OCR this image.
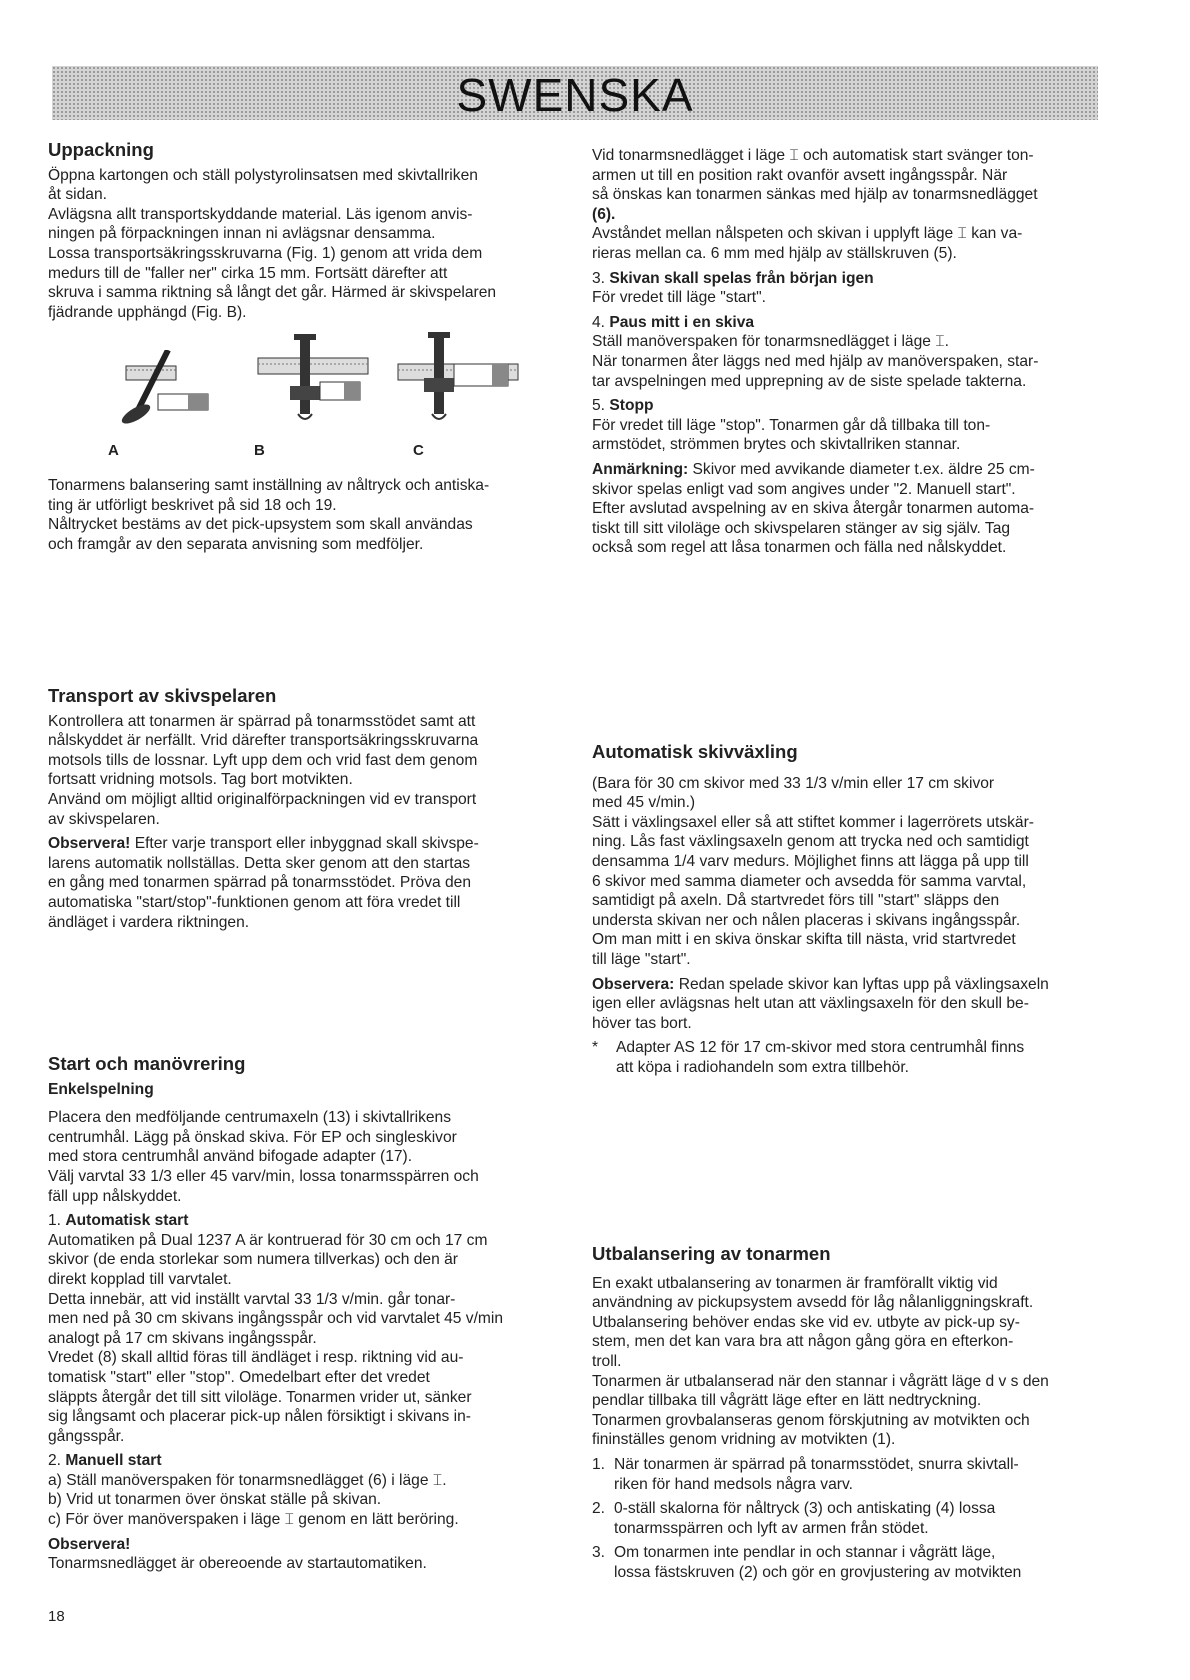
SWENSKA
Uppackning

Öppna kartongen och ställ polystyrolinsatsen med skivtallriken

åt sidan.

Avlägsna allt transportskyddande material. Läs igenom anvis-

ningen på förpackningen innan ni avlägsnar densamma.

Lossa transportsäkringsskruvarna (Fig. 1) genom att vrida dem

medurs till de "faller ner" cirka 15 mm. Fortsätt därefter att

skruva i samma riktning så långt det går. Härmed är skivspelaren

fjädrande upphängd (Fig. B).

A	B	C

Tonarmens balansering samt inställning av nåltryck och antiska-

ting är utförligt beskrivet på sid 18 och 19.

Nåltrycket bestäms av det pick-upsystem som skall användas

och framgår av den separata anvisning som medföljer.

Vid tonarmsnedlägget i läge ⌶ och automatisk start svänger ton-

armen ut till en position rakt ovanför avsett ingångsspår. När

så önskas kan tonarmen sänkas med hjälp av tonarmsnedlägget

(6).

Avståndet mellan nålspeten och skivan i upplyft läge ⌶ kan va-

rieras mellan ca. 6 mm med hjälp av ställskruven (5).

3. Skivan skall spelas från början igen

För vredet till läge "start".

4. Paus mitt i en skiva

Ställ manöverspaken för tonarmsnedlägget i läge ⌶.

När tonarmen åter läggs ned med hjälp av manöverspaken, star-

tar avspelningen med upprepning av de siste spelade takterna.

5. Stopp

För vredet till läge "stop". Tonarmen går då tillbaka till ton-

armstödet, strömmen brytes och skivtallriken stannar.

Anmärkning: Skivor med avvikande diameter t.ex. äldre 25 cm-

skivor spelas enligt vad som angives under "2. Manuell start".

Efter avslutad avspelning av en skiva återgår tonarmen automa-

tiskt till sitt viloläge och skivspelaren stänger av sig själv. Tag

också som regel att låsa tonarmen och fälla ned nålskyddet.

Transport av skivspelaren

Kontrollera att tonarmen är spärrad på tonarmsstödet samt att

nålskyddet är nerfällt. Vrid därefter transportsäkringsskruvarna

motsols tills de lossnar. Lyft upp dem och vrid fast dem genom

fortsatt vridning motsols. Tag bort motvikten.

Använd om möjligt alltid originalförpackningen vid ev transport

av skivspelaren.

Observera! Efter varje transport eller inbyggnad skall skivspe-

larens automatik nollställas. Detta sker genom att den startas

en gång med tonarmen spärrad på tonarmsstödet. Pröva den

automatiska "start/stop"-funktionen genom att föra vredet till

ändläget i vardera riktningen.

Start och manövrering
Enkelspelning

Placera den medföljande centrumaxeln (13) i skivtallrikens

centrumhål. Lägg på önskad skiva. För EP och singleskivor

med stora centrumhål använd bifogade adapter (17).

Välj varvtal 33 1/3 eller 45 varv/min, lossa tonarmsspärren och

fäll upp nålskyddet.

1. Automatisk start

Automatiken på Dual 1237 A är kontruerad för 30 cm och 17 cm

skivor (de enda storlekar som numera tillverkas) och den är

direkt kopplad till varvtalet.

Detta innebär, att vid inställt varvtal 33 1/3 v/min. går tonar-

men ned på 30 cm skivans ingångsspår och vid varvtalet 45 v/min

analogt på 17 cm skivans ingångsspår.

Vredet (8) skall alltid föras till ändläget i resp. riktning vid au-

tomatisk "start" eller "stop". Omedelbart efter det vredet

släppts återgår det till sitt viloläge. Tonarmen vrider ut, sänker

sig långsamt och placerar pick-up nålen försiktigt i skivans in-

gångsspår.

2. Manuell start

a) Ställ manöverspaken för tonarmsnedlägget (6) i läge ⌶.

b) Vrid ut tonarmen över önskat ställe på skivan.

c) För över manöverspaken i läge ⌶ genom en lätt beröring.

Observera!

Tonarmsnedlägget är obereoende av startautomatiken.

Automatisk skivväxling

(Bara för 30 cm skivor med 33 1/3 v/min eller 17 cm skivor

med 45 v/min.)

Sätt i växlingsaxel eller så att stiftet kommer i lagerrörets utskär-

ning. Lås fast växlingsaxeln genom att trycka ned och samtidigt

densamma 1/4 varv medurs. Möjlighet finns att lägga på upp till

6 skivor med samma diameter och avsedda för samma varvtal,

samtidigt på axeln. Då startvredet förs till "start" släpps den

understa skivan ner och nålen placeras i skivans ingångsspår.

Om man mitt i en skiva önskar skifta till nästa, vrid startvredet

till läge "start".

Observera: Redan spelade skivor kan lyftas upp på växlingsaxeln

igen eller avlägsnas helt utan att växlingsaxeln för den skull be-

höver tas bort.

* Adapter AS 12 för 17 cm-skivor med stora centrumhål finns

att köpa i radiohandeln som extra tillbehör.

Utbalansering av tonarmen

En exakt utbalansering av tonarmen är framförallt viktig vid

användning av pickupsystem avsedd för låg nålanliggningskraft.

Utbalansering behöver endas ske vid ev. utbyte av pick-up sy-

stem, men det kan vara bra att någon gång göra en efterkon-

troll.

Tonarmen är utbalanserad när den stannar i vågrätt läge d v s den

pendlar tillbaka till vågrätt läge efter en lätt nedtryckning.

Tonarmen grovbalanseras genom förskjutning av motvikten och

fininställes genom vridning av motvikten (1).

1. När tonarmen är spärrad på tonarmsstödet, snurra skivtall-

riken för hand medsols några varv.

2. 0-ställ skalorna för nåltryck (3) och antiskating (4) lossa

tonarmsspärren och lyft av armen från stödet.

3. Om tonarmen inte pendlar in och stannar i vågrätt läge,

lossa fästskruven (2) och gör en grovjustering av motvikten

18
